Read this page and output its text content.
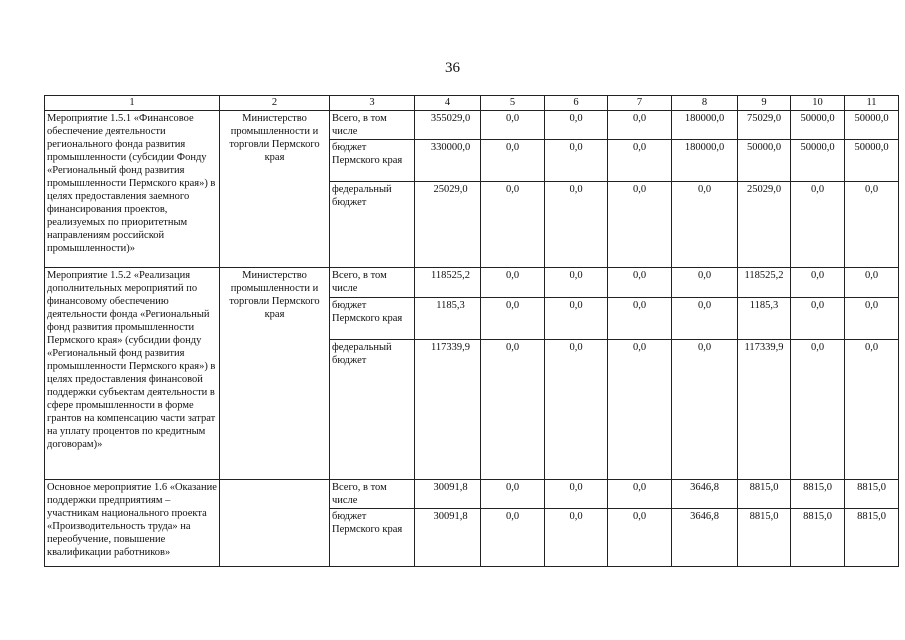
36
1	2	3	4	5	6	7	8	9	10	11
Мероприятие 1.5.1 «Финансовое обеспечение деятельности регионального фонда развития промышленности (субсидии Фонду «Региональный фонд развития промышленности Пермского края») в целях предоставления заемного финансирования проектов, реализуемых по приоритетным направлениям российской промышленности)»	Министерство промышленности и торговли Пермского края	Всего, в том числе	355029,0	0,0	0,0	0,0	180000,0	75029,0	50000,0	50000,0
		бюджет Пермского края	330000,0	0,0	0,0	0,0	180000,0	50000,0	50000,0	50000,0
		федеральный бюджет	25029,0	0,0	0,0	0,0	0,0	25029,0	0,0	0,0
Мероприятие 1.5.2 «Реализация дополнительных мероприятий по финансовому обеспечению деятельности фонда «Региональный фонд развития промышленности Пермского края» (субсидии фонду «Региональный фонд развития промышленности Пермского края») в целях предоставления финансовой поддержки субъектам деятельности в сфере промышленности в форме грантов на компенсацию части затрат на уплату процентов по кредитным договорам)»	Министерство промышленности и торговли Пермского края	Всего, в том числе	118525,2	0,0	0,0	0,0	0,0	118525,2	0,0	0,0
		бюджет Пермского края	1185,3	0,0	0,0	0,0	0,0	1185,3	0,0	0,0
		федеральный бюджет	117339,9	0,0	0,0	0,0	0,0	117339,9	0,0	0,0
Основное мероприятие 1.6 «Оказание поддержки предприятиям – участникам национального проекта «Производительность труда» на переобучение, повышение квалификации работников»		Всего, в том числе	30091,8	0,0	0,0	0,0	3646,8	8815,0	8815,0	8815,0
		бюджет Пермского края	30091,8	0,0	0,0	0,0	3646,8	8815,0	8815,0	8815,0
